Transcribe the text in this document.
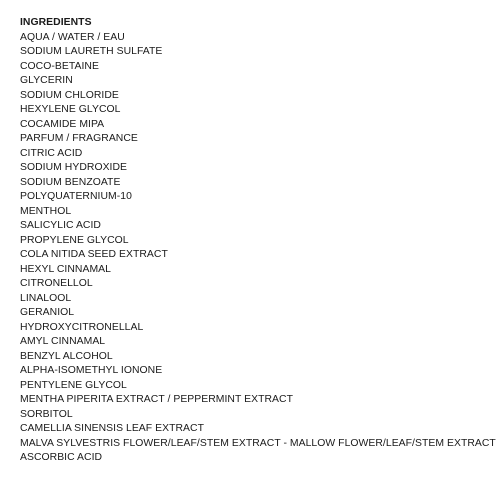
INGREDIENTS
AQUA / WATER / EAU
SODIUM LAURETH SULFATE
COCO-BETAINE
GLYCERIN
SODIUM CHLORIDE
HEXYLENE GLYCOL
COCAMIDE MIPA
PARFUM / FRAGRANCE
CITRIC ACID
SODIUM HYDROXIDE
SODIUM BENZOATE
POLYQUATERNIUM-10
MENTHOL
SALICYLIC ACID
PROPYLENE GLYCOL
COLA NITIDA SEED EXTRACT
HEXYL CINNAMAL
CITRONELLOL
LINALOOL
GERANIOL
HYDROXYCITRONELLAL
AMYL CINNAMAL
BENZYL ALCOHOL
ALPHA-ISOMETHYL IONONE
PENTYLENE GLYCOL
MENTHA PIPERITA EXTRACT / PEPPERMINT EXTRACT
SORBITOL
CAMELLIA SINENSIS LEAF EXTRACT
MALVA SYLVESTRIS FLOWER/LEAF/STEM EXTRACT - MALLOW FLOWER/LEAF/STEM EXTRACT
ASCORBIC ACID
